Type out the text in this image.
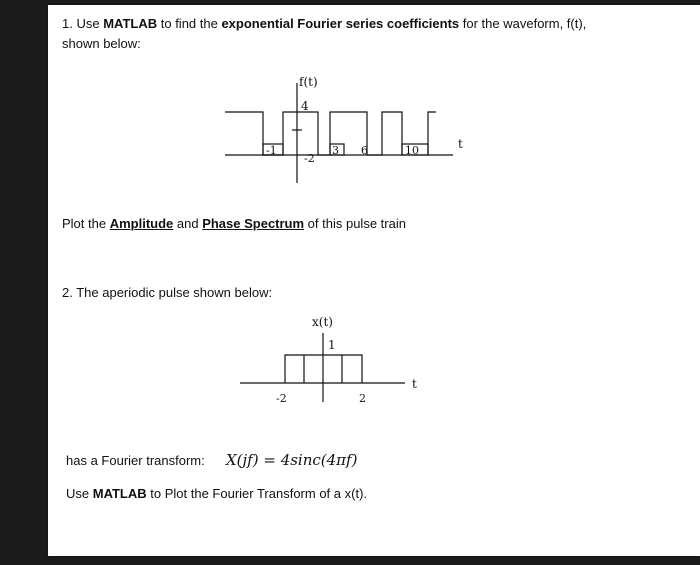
1. Use MATLAB to find the exponential Fourier series coefficients for the waveform, f(t),
shown below:
f(t)
4
t
-1
-2
3 6	10
Plot the Amplitude and Phase Spectrum of this pulse train
2. The aperiodic pulse shown below:
x(t)
1
t
-2	2
has a Fourier transform: X(jf) = 4sinc(4πf)
Use MATLAB to Plot the Fourier Transform of a x(t).
